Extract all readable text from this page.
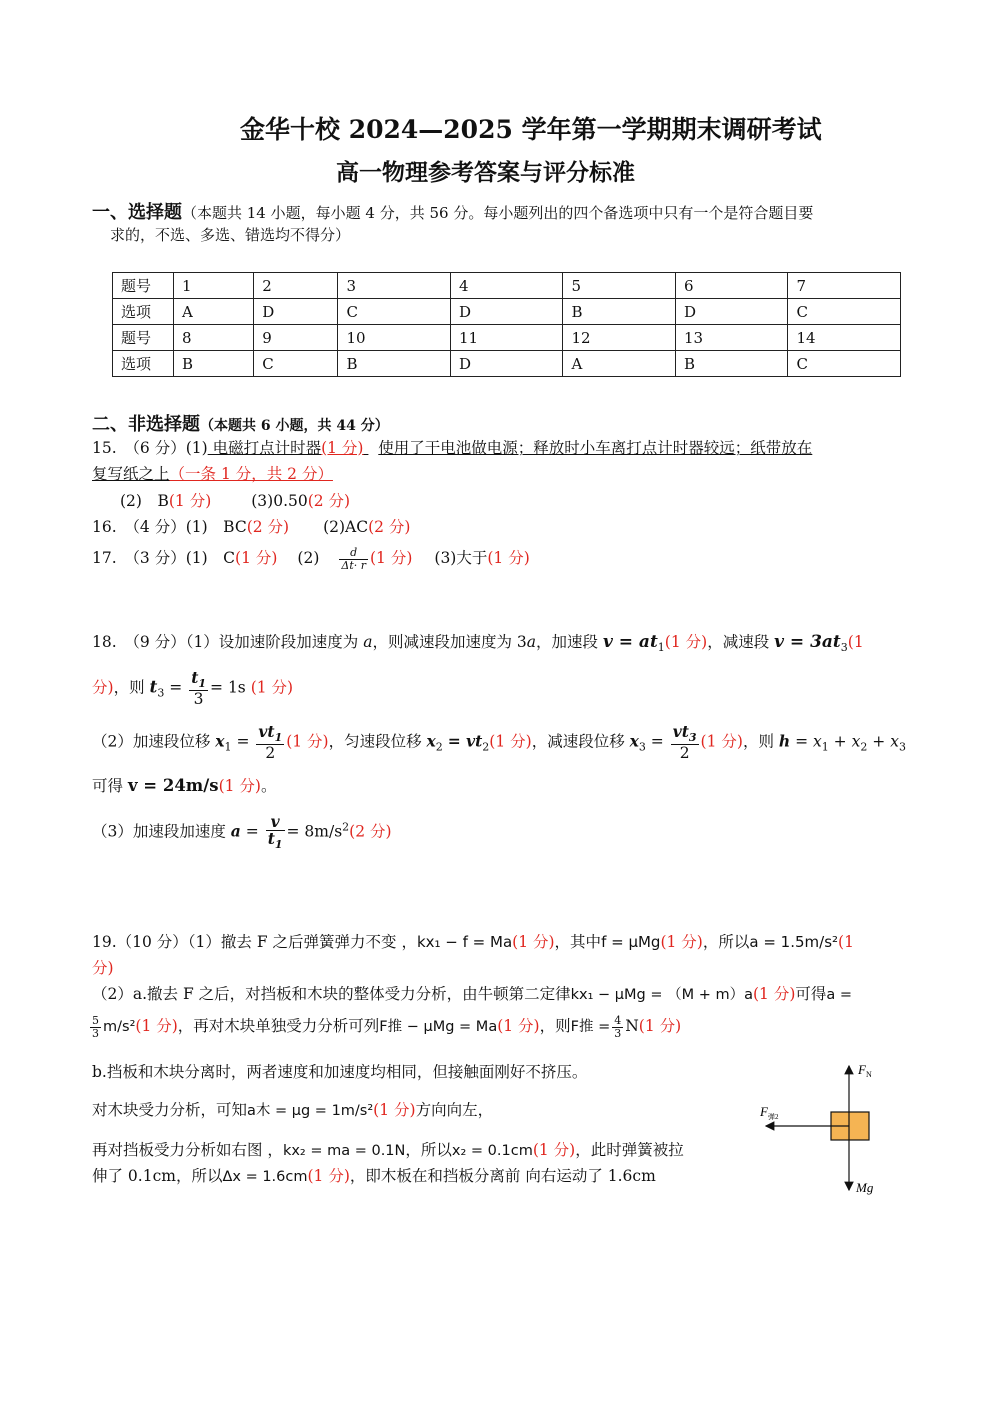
金华十校 2024—2025 学年第一学期期末调研考试
高一物理参考答案与评分标准
一、选择题（本题共 14 小题，每小题 4 分，共 56 分。每小题列出的四个备选项中只有一个是符合题目要
求的，不选、多选、错选均不得分）
题号	1	2	3	4	5	6	7
选项	A	D	C	D	B	D	C
题号	8	9	10	11	12	13	14
选项	B	C	B	D	A	B	C
二、非选择题（本题共 6 小题，共 44 分）
15.　（6 分）(1) 电磁打点计时器(1 分) 使用了干电池做电源；释放时小车离打点计时器较远；纸带放在
复写纸之上（一条 1 分，共 2 分）
(2)　B(1 分)	(3)0.50(2 分)
16.　（4 分）(1)　BC(2 分) (2)AC(2 分)
17.　（3 分）(1)　C(1 分) $(2) \frac{d}{\Delta t\cdot r} (1$ 分) (3)大于(1 分)
18.　（9 分）（1）设加速阶段加速度为 a，则减速段加速度为 3a，加速段 $v = at_1(1$ 分)，减速段 $v = 3at_3(1$
分)，则 $t_3 = \frac{t_1}{3} = 1s$ (1 分)
（2）加速段位移 $x_1 = \frac{vt_1}{2} (1$ 分)，匀速段位移 $x_2 = vt_2(1$ 分)，减速段位移 $x_3 = \frac{vt_3}{2} (1$ 分)，则 $h = x_1 + x_2 + x_3$
可得 v = 24m/s(1 分)。
（3）加速段加速度 $a = \frac{v}{t_1} = 8m/s^2(2$ 分)
19.（10 分）（1）撤去 F 之后弹簧弹力不变 ，kx₁ − f = Ma(1 分)，其中f = μMg(1 分)，所以a = 1.5m/s²(1
分)
（2）a.撤去 F 之后，对挡板和木块的整体受力分析，由牛顿第二定律kx₁ − μMg = （M + m）a(1 分)可得a =
$\frac{5}{3} m/s^2(1$ 分)，再对木块单独受力分析可列F推 − μMg = Ma(1 分)，则F推 = $\frac{4}{3} N(1$ 分)
b.挡板和木块分离时，两者速度和加速度均相同，但接触面刚好不挤压。
对木块受力分析，可知a木 = μg = 1m/s²(1 分)方向向左，
再对挡板受力分析如右图 ，kx₂ = ma = 0.1N，所以x₂ = 0.1cm(1 分)，此时弹簧被拉
伸了 0.1cm，所以Δx = 1.6cm(1 分)，即木板在和挡板分离前 向右运动了 1.6cm
$F_N$
$F_{弹2}$
Mg
